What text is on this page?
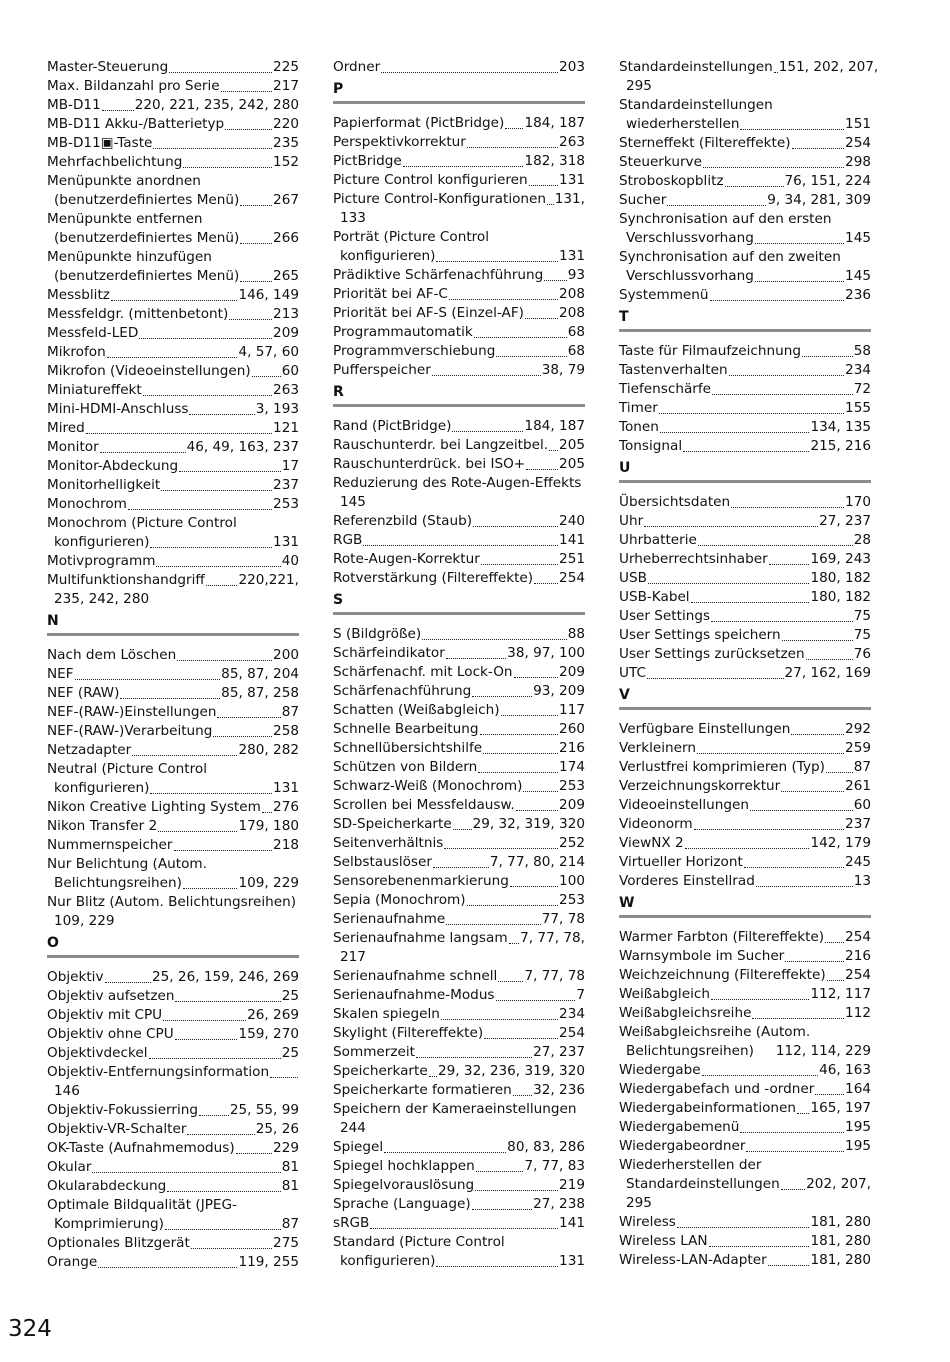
Master-Steuerung	225
Max. Bildanzahl pro Serie	217
MB-D11 220, 221, 235, 242, 280
MB-D11 Akku-/Batterietyp	220
MB-D11▣-Taste	235
Mehrfachbelichtung	152
Menüpunkte anordnen
(benutzerdefiniertes Menü) 267
Menüpunkte entfernen
(benutzerdefiniertes Menü) 266
Menüpunkte hinzufügen
(benutzerdefiniertes Menü) 265
Messblitz	146, 149
Messfeldgr. (mittenbetont)	213
Messfeld-LED	209
Mikrofon	4, 57, 60
Mikrofon (Videoeinstellungen) 60
Miniatureffekt	263
Mini-HDMI-Anschluss	3, 193
Mired	121
Monitor	46, 49, 163, 237
Monitor-Abdeckung	17
Monitorhelligkeit	237
Monochrom	253
Monochrom (Picture Control
konfigurieren)	131
Motivprogramm	40
Multifunktionshandgriff 220,221,
235, 242, 280
N
Nach dem Löschen	200
NEF	85, 87, 204
NEF (RAW)	85, 87, 258
NEF-(RAW-)Einstellungen	87
NEF-(RAW-)Verarbeitung	258
Netzadapter	280, 282
Neutral (Picture Control
konfigurieren)	131
Nikon Creative Lighting System 276
Nikon Transfer 2	179, 180
Nummernspeicher	218
Nur Belichtung (Autom.
Belichtungsreihen)	109, 229
Nur Blitz (Autom. Belichtungsreihen)
109, 229
O
Objektiv	25, 26, 159, 246, 269
Objektiv aufsetzen	25
Objektiv mit CPU	26, 269
Objektiv ohne CPU	159, 270
Objektivdeckel	25
Objektiv-Entfernungsinformation
146
Objektiv-Fokussierring 25, 55, 99
Objektiv-VR-Schalter	25, 26
OK-Taste (Aufnahmemodus)	229
Okular	81
Okularabdeckung	81
Optimale Bildqualität (JPEG-
Komprimierung)	87
Optionales Blitzgerät	275
Orange	119, 255
Ordner	203
P
Papierformat (PictBridge) 184, 187
Perspektivkorrektur	263
PictBridge	182, 318
Picture Control konfigurieren 131
Picture Control-Konfigurationen 131,
133
Porträt (Picture Control
konfigurieren)	131
Prädiktive Schärfenachführung 93
Priorität bei AF-C	208
Priorität bei AF-S (Einzel-AF)	208
Programmautomatik	68
Programmverschiebung	68
Pufferspeicher	38, 79
R
Rand (PictBridge)	184, 187
Rauschunterdr. bei Langzeitbel. 205
Rauschunterdrück. bei ISO+ 205
Reduzierung des Rote-Augen-Effekts
145
Referenzbild (Staub)	240
RGB	141
Rote-Augen-Korrektur	251
Rotverstärkung (Filtereffekte) 254
S
S (Bildgröße)	88
Schärfeindikator	38, 97, 100
Schärfenachf. mit Lock-On	209
Schärfenachführung	93, 209
Schatten (Weißabgleich)	117
Schnelle Bearbeitung	260
Schnellübersichtshilfe	216
Schützen von Bildern	174
Schwarz-Weiß (Monochrom)	253
Scrollen bei Messfeldausw.	209
SD-Speicherkarte 29, 32, 319, 320
Seitenverhältnis	252
Selbstauslöser	7, 77, 80, 214
Sensorebenenmarkierung	100
Sepia (Monochrom)	253
Serienaufnahme	77, 78
Serienaufnahme langsam 7, 77, 78,
217
Serienaufnahme schnell 7, 77, 78
Serienaufnahme-Modus	7
Skalen spiegeln	234
Skylight (Filtereffekte)	254
Sommerzeit	27, 237
Speicherkarte 29, 32, 236, 319, 320
Speicherkarte formatieren 32, 236
Speichern der Kameraeinstellungen
244
Spiegel	80, 83, 286
Spiegel hochklappen	7, 77, 83
Spiegelvorauslösung	219
Sprache (Language)	27, 238
sRGB	141
Standard (Picture Control
konfigurieren)	131
Standardeinstellungen 151, 202, 207,
295
Standardeinstellungen
wiederherstellen	151
Sterneffekt (Filtereffekte)	254
Steuerkurve	298
Stroboskopblitz	76, 151, 224
Sucher	9, 34, 281, 309
Synchronisation auf den ersten
Verschlussvorhang	145
Synchronisation auf den zweiten
Verschlussvorhang	145
Systemmenü	236
T
Taste für Filmaufzeichnung	58
Tastenverhalten	234
Tiefenschärfe	72
Timer	155
Tonen	134, 135
Tonsignal	215, 216
U
Übersichtsdaten	170
Uhr	27, 237
Uhrbatterie	28
Urheberrechtsinhaber	169, 243
USB	180, 182
USB-Kabel	180, 182
User Settings	75
User Settings speichern	75
User Settings zurücksetzen	76
UTC	27, 162, 169
V
Verfügbare Einstellungen	292
Verkleinern	259
Verlustfrei komprimieren (Typ) 87
Verzeichnungskorrektur	261
Videoeinstellungen	60
Videonorm	237
ViewNX 2	142, 179
Virtueller Horizont	245
Vorderes Einstellrad	13
W
Warmer Farbton (Filtereffekte) 254
Warnsymbole im Sucher	216
Weichzeichnung (Filtereffekte) 254
Weißabgleich	112, 117
Weißabgleichsreihe	112
Weißabgleichsreihe (Autom.
Belichtungsreihen) 112, 114, 229
Wiedergabe	46, 163
Wiedergabefach und -ordner 164
Wiedergabeinformationen 165, 197
Wiedergabemenü	195
Wiedergabeordner	195
Wiederherstellen der
Standardeinstellungen 202, 207,
295
Wireless	181, 280
Wireless LAN	181, 280
Wireless-LAN-Adapter	181, 280
324
